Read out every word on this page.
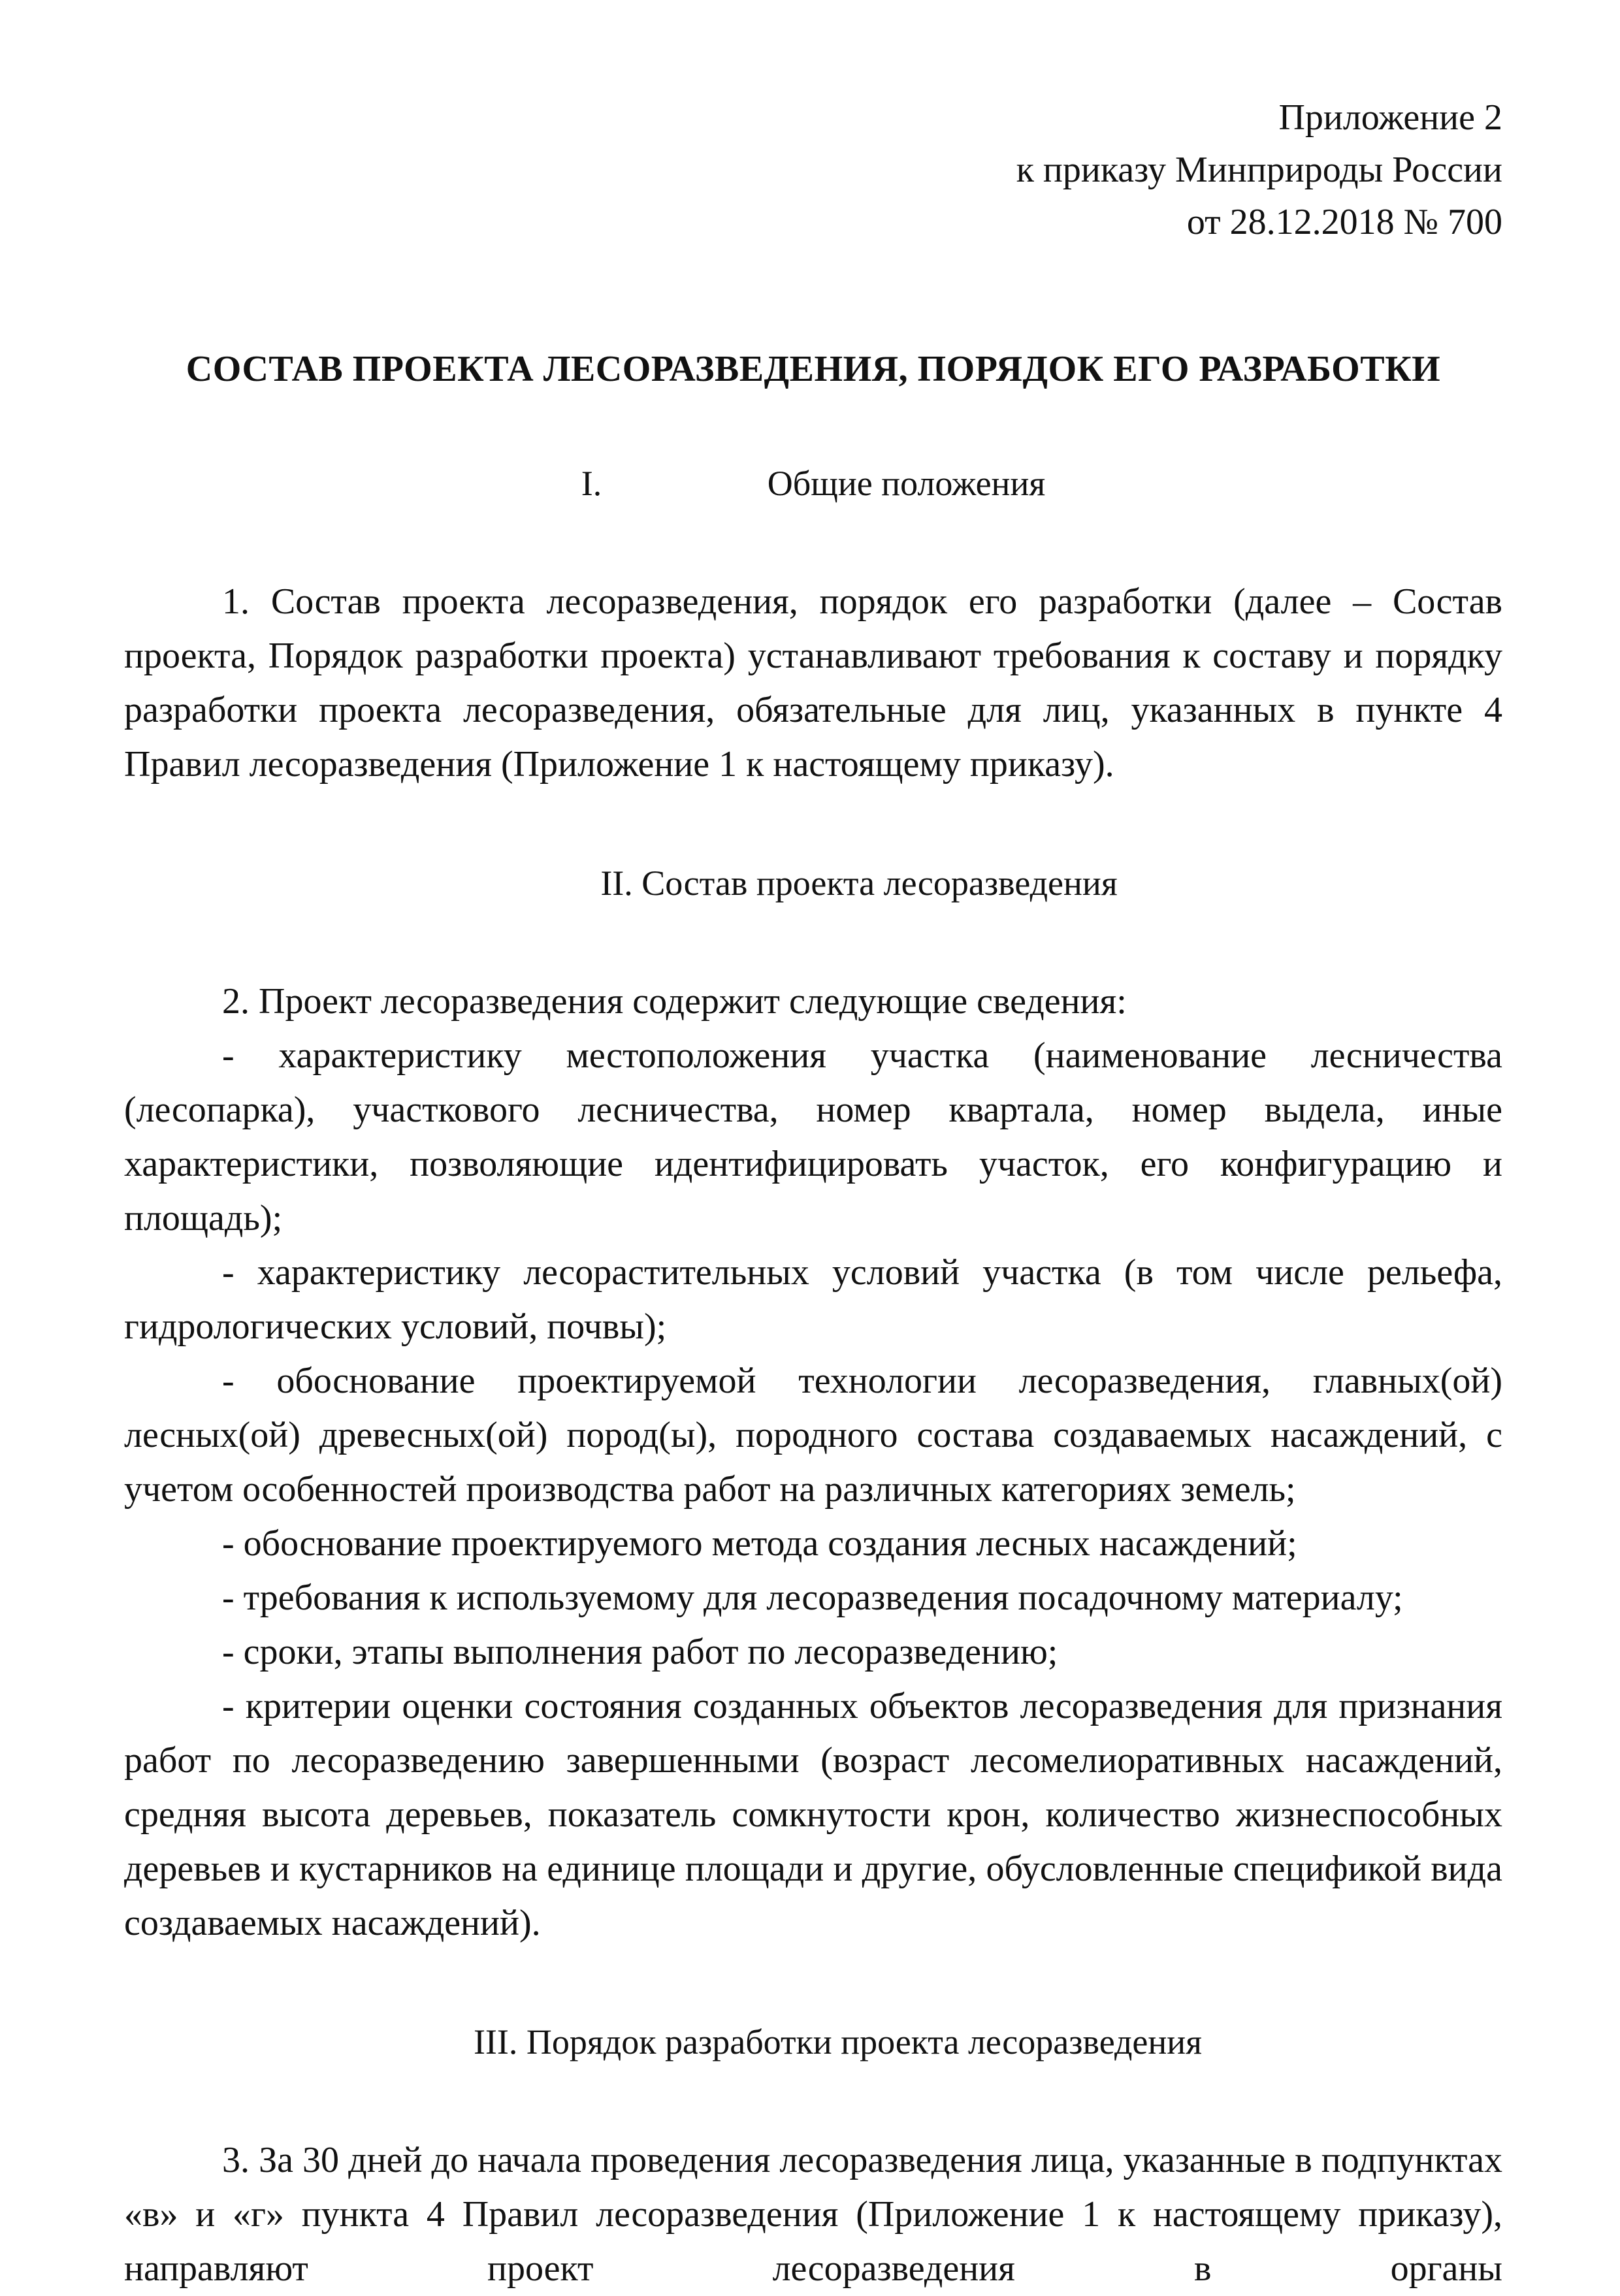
Приложение 2
к приказу Минприроды России
от 28.12.2018 № 700
СОСТАВ ПРОЕКТА ЛЕСОРАЗВЕДЕНИЯ, ПОРЯДОК ЕГО РАЗРАБОТКИ
I.	Общие положения
1. Состав проекта лесоразведения, порядок его разработки (далее – Состав проекта, Порядок разработки проекта) устанавливают требования к составу и порядку разработки проекта лесоразведения, обязательные для лиц, указанных в пункте 4 Правил лесоразведения (Приложение 1 к настоящему приказу).
II. Состав проекта лесоразведения
2. Проект лесоразведения содержит следующие сведения:
- характеристику местоположения участка (наименование лесничества (лесопарка), участкового лесничества, номер квартала, номер выдела, иные характеристики, позволяющие идентифицировать участок, его конфигурацию и площадь);
- характеристику лесорастительных условий участка (в том числе рельефа, гидрологических условий, почвы);
- обоснование проектируемой технологии лесоразведения, главных(ой) лесных(ой) древесных(ой) пород(ы), породного состава создаваемых насаждений, с учетом особенностей производства работ на различных категориях земель;
- обоснование проектируемого метода создания лесных насаждений;
- требования к используемому для лесоразведения посадочному материалу;
- сроки, этапы выполнения работ по лесоразведению;
- критерии оценки состояния созданных объектов лесоразведения для признания работ по лесоразведению завершенными (возраст лесомелиоративных насаждений, средняя высота деревьев, показатель сомкнутости крон, количество жизнеспособных деревьев и кустарников на единице площади и другие, обусловленные спецификой вида создаваемых насаждений).
III. Порядок разработки проекта лесоразведения
3. За 30 дней до начала проведения лесоразведения лица, указанные в подпунктах «в» и «г» пункта 4 Правил лесоразведения (Приложение 1 к настоящему приказу), направляют проект лесоразведения в органы
